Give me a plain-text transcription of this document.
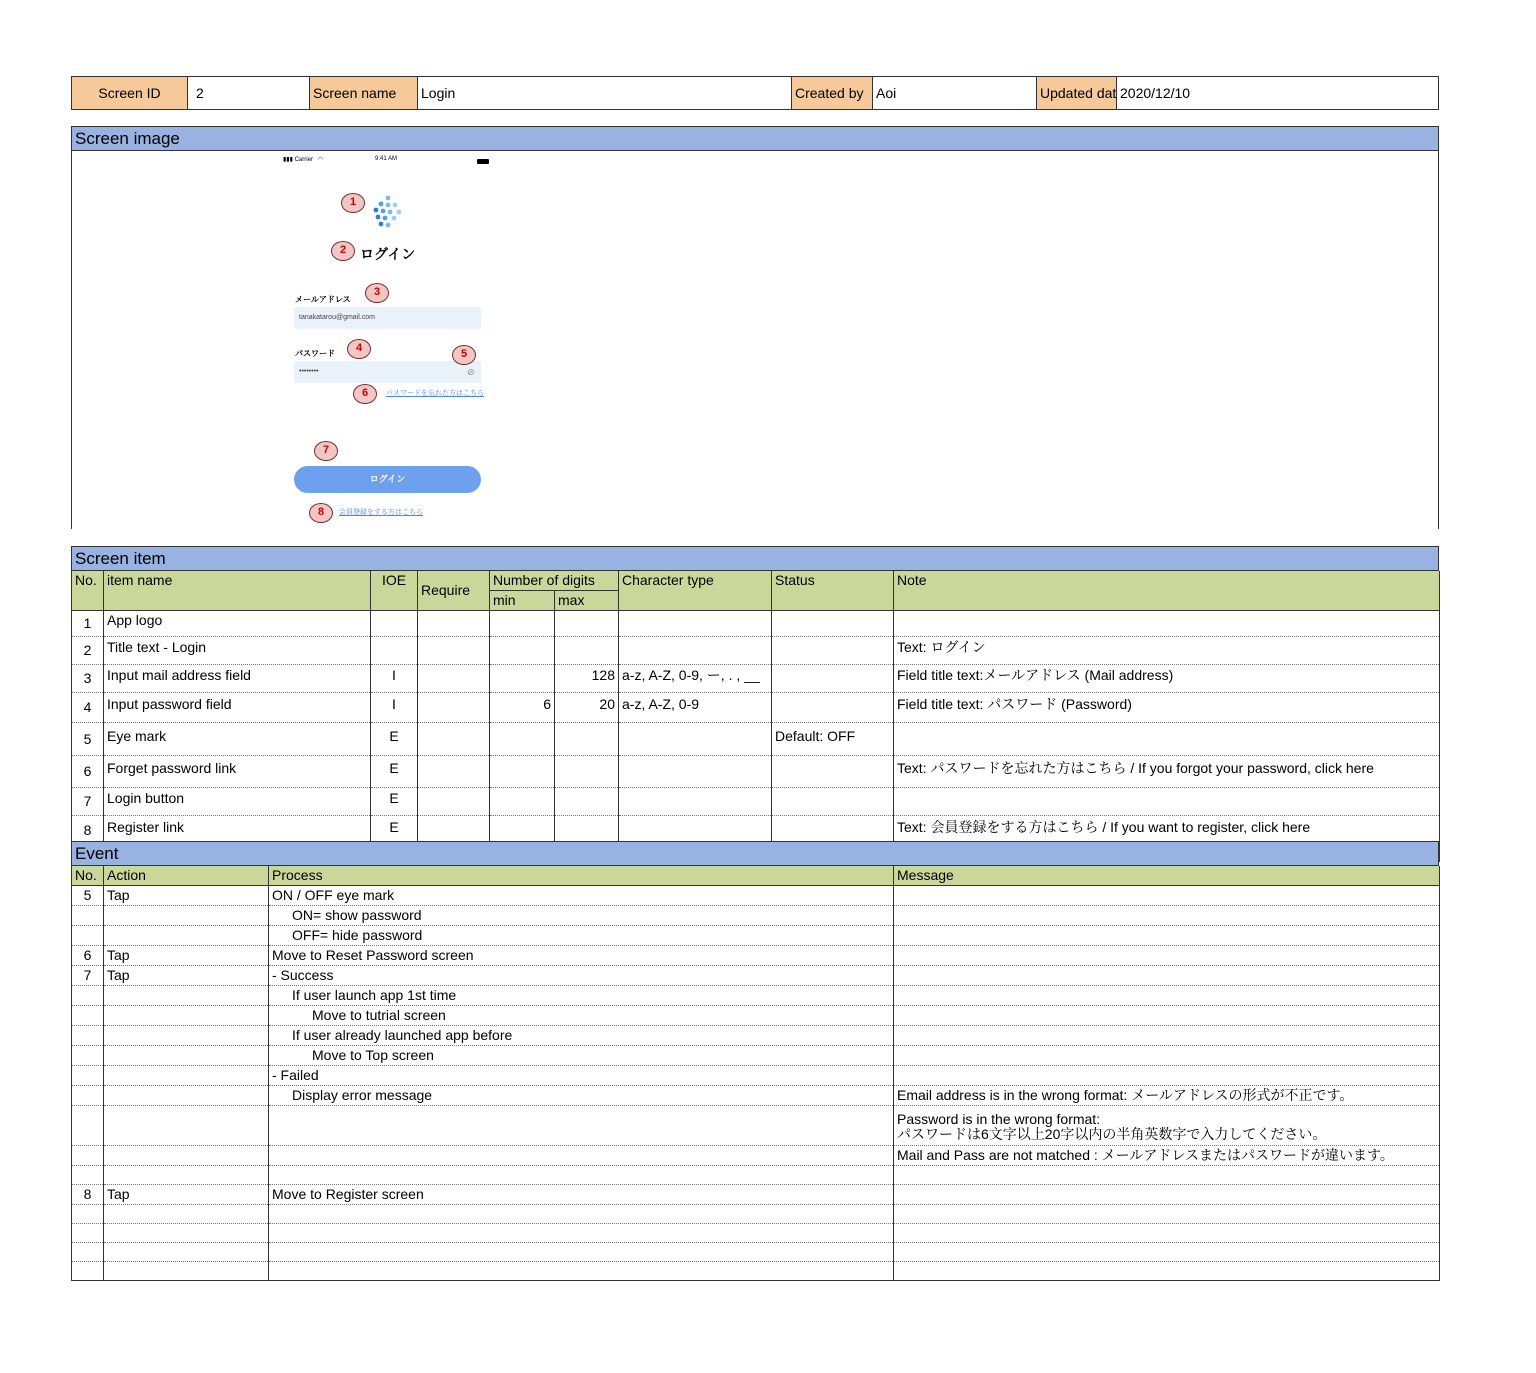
Screen ID	2	Screen name	Login	Created by Aoi	Updated dat 2020/12/10
Screen image
▮▮▮ Carrier ◠	9:41 AM
ログイン
メールアドレス
tanakatarou@gmail.com
パスワード
••••••••	⊘
パスワードを忘れた方はこちら
ログイン
会員登録をする方はこちら
1
2
3
4	5
6
7
8
Screen item
No.	item name	IOE	Require	Number of digits		Character type	Status	Note
				min	max			
1	App logo							
2	Title text - Login							Text: ログイン
3	Input mail address field	I			128	a-z, A-Z, 0-9, ー, . , __		Field title text:メールアドレス (Mail address)
4	Input password field	I		6	20	a-z, A-Z, 0-9		Field title text: パスワード (Password)
5	Eye mark	E					Default: OFF	
6	Forget password link	E						Text: パスワードを忘れた方はこちら / If you forgot your password, click here
7	Login button	E						
8	Register link	E						Text: 会員登録をする方はこちら / If you want to register, click here

Event
No.	Action	Process	Message
5	Tap	ON / OFF eye mark	
		ON= show password	
		OFF= hide password	
6	Tap	Move to Reset Password screen	
7	Tap	- Success	
		If user launch app 1st time	
		Move to tutrial screen	
		If user already launched app before	
		Move to Top screen	
		- Failed	
		Display error message	Email address is in the wrong format: メールアドレスの形式が不正です。
			Password is in the wrong format:
パスワードは6文字以上20字以内の半角英数字で入力してください。
			Mail and Pass are not matched : メールアドレスまたはパスワードが違います。

8	Tap	Move to Register screen	
